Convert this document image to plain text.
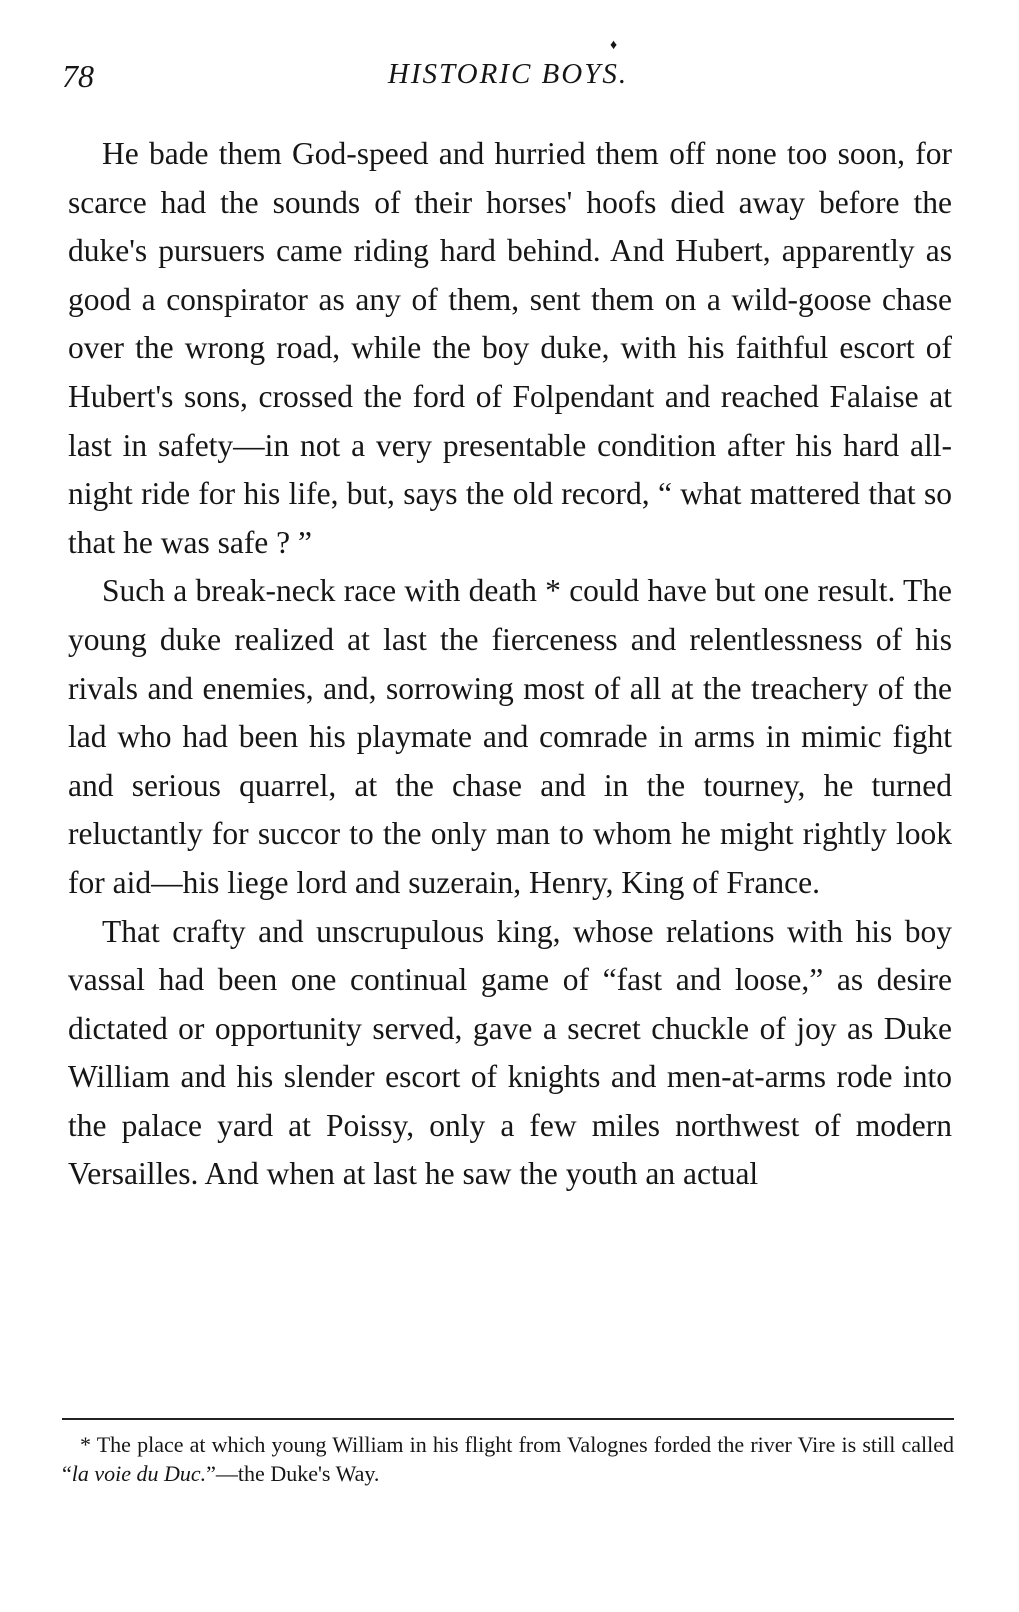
78
♦
HISTORIC BOYS.

He bade them God-speed and hurried them off none too soon, for scarce had the sounds of their horses' hoofs died away before the duke's pursuers came riding hard behind. And Hubert, apparently as good a conspirator as any of them, sent them on a wild-goose chase over the wrong road, while the boy duke, with his faithful escort of Hubert's sons, crossed the ford of Folpendant and reached Falaise at last in safety—in not a very presentable condition after his hard all-night ride for his life, but, says the old record, “ what mattered that so that he was safe ? ”

Such a break-neck race with death * could have but one result. The young duke realized at last the fierceness and relentlessness of his rivals and enemies, and, sorrowing most of all at the treachery of the lad who had been his playmate and comrade in arms in mimic fight and serious quarrel, at the chase and in the tourney, he turned reluctantly for succor to the only man to whom he might rightly look for aid—his liege lord and suzerain, Henry, King of France.

That crafty and unscrupulous king, whose relations with his boy vassal had been one continual game of “fast and loose,” as desire dictated or opportunity served, gave a secret chuckle of joy as Duke William and his slender escort of knights and men-at-arms rode into the palace yard at Poissy, only a few miles northwest of modern Versailles. And when at last he saw the youth an actual

* The place at which young William in his flight from Valognes forded the river Vire is still called “la voie du Duc.”—the Duke's Way.
